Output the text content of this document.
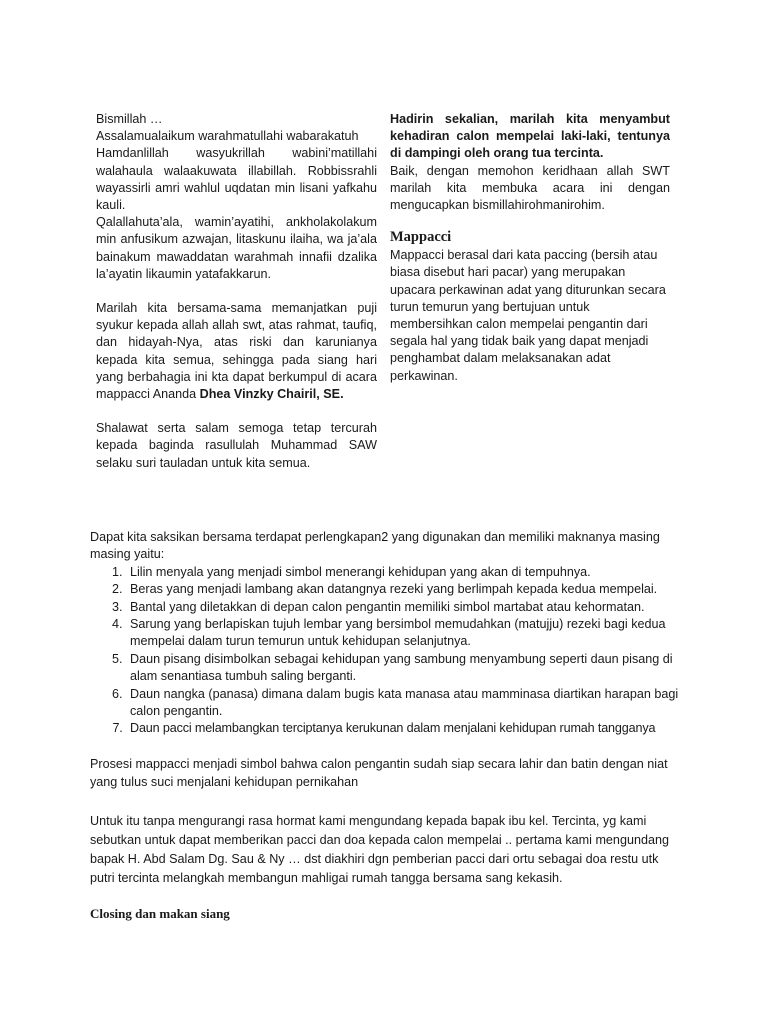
Bismillah …
Assalamualaikum warahmatullahi wabarakatuh
Hamdanlillah wasyukrillah wabini’matillahi walahaula walaakuwata illabillah. Robbissrahli wayassirli amri wahlul uqdatan min lisani yafkahu kauli.
Qalallahuta’ala, wamin’ayatihi, ankholakolakum min anfusikum azwajan, litaskunu ilaiha, wa ja’ala bainakum mawaddatan warahmah innafii dzalika la’ayatin likaumin yatafakkarun.
Marilah kita bersama-sama memanjatkan puji syukur kepada allah allah swt, atas rahmat, taufiq, dan hidayah-Nya, atas riski dan karunianya kepada kita semua, sehingga pada siang hari yang berbahagia ini kta dapat berkumpul di acara mappacci Ananda Dhea Vinzky Chairil, SE.
Shalawat serta salam semoga tetap tercurah kepada baginda rasullulah Muhammad SAW selaku suri tauladan untuk kita semua.
Hadirin sekalian, marilah kita menyambut kehadiran calon mempelai laki-laki, tentunya di dampingi oleh orang tua tercinta.
Baik, dengan memohon keridhaan allah SWT marilah kita membuka acara ini dengan mengucapkan bismillahirohmanirohim.
Mappacci
Mappacci berasal dari kata paccing (bersih atau
biasa disebut hari pacar) yang merupakan
upacara perkawinan adat yang diturunkan secara
turun temurun yang bertujuan untuk
membersihkan calon mempelai pengantin dari
segala hal yang tidak baik yang dapat menjadi
penghambat dalam melaksanakan adat
perkawinan.
Dapat kita saksikan bersama terdapat perlengkapan2 yang digunakan dan memiliki maknanya masing masing yaitu:
1. Lilin menyala yang menjadi simbol menerangi kehidupan yang akan di tempuhnya.
2. Beras yang menjadi lambang akan datangnya rezeki yang berlimpah kepada kedua mempelai.
3. Bantal yang diletakkan di depan calon pengantin memiliki simbol martabat atau kehormatan.
4. Sarung yang berlapiskan tujuh lembar yang bersimbol memudahkan (matujju) rezeki bagi kedua mempelai dalam turun temurun untuk kehidupan selanjutnya.
5. Daun pisang disimbolkan sebagai kehidupan yang sambung menyambung seperti daun pisang di alam senantiasa tumbuh saling berganti.
6. Daun nangka (panasa) dimana dalam bugis kata manasa atau mamminasa diartikan harapan bagi calon pengantin.
7. Daun pacci melambangkan terciptanya kerukunan dalam menjalani kehidupan rumah tangganya
Prosesi mappacci menjadi simbol bahwa calon pengantin sudah siap secara lahir dan batin dengan niat yang tulus suci menjalani kehidupan pernikahan
Untuk itu tanpa mengurangi rasa hormat kami mengundang kepada bapak ibu kel. Tercinta, yg kami sebutkan untuk dapat memberikan pacci dan doa kepada calon mempelai .. pertama kami mengundang bapak H. Abd Salam Dg. Sau & Ny … dst diakhiri dgn pemberian pacci dari ortu sebagai doa restu utk putri tercinta melangkah membangun mahligai rumah tangga bersama sang kekasih.
Closing dan makan siang
